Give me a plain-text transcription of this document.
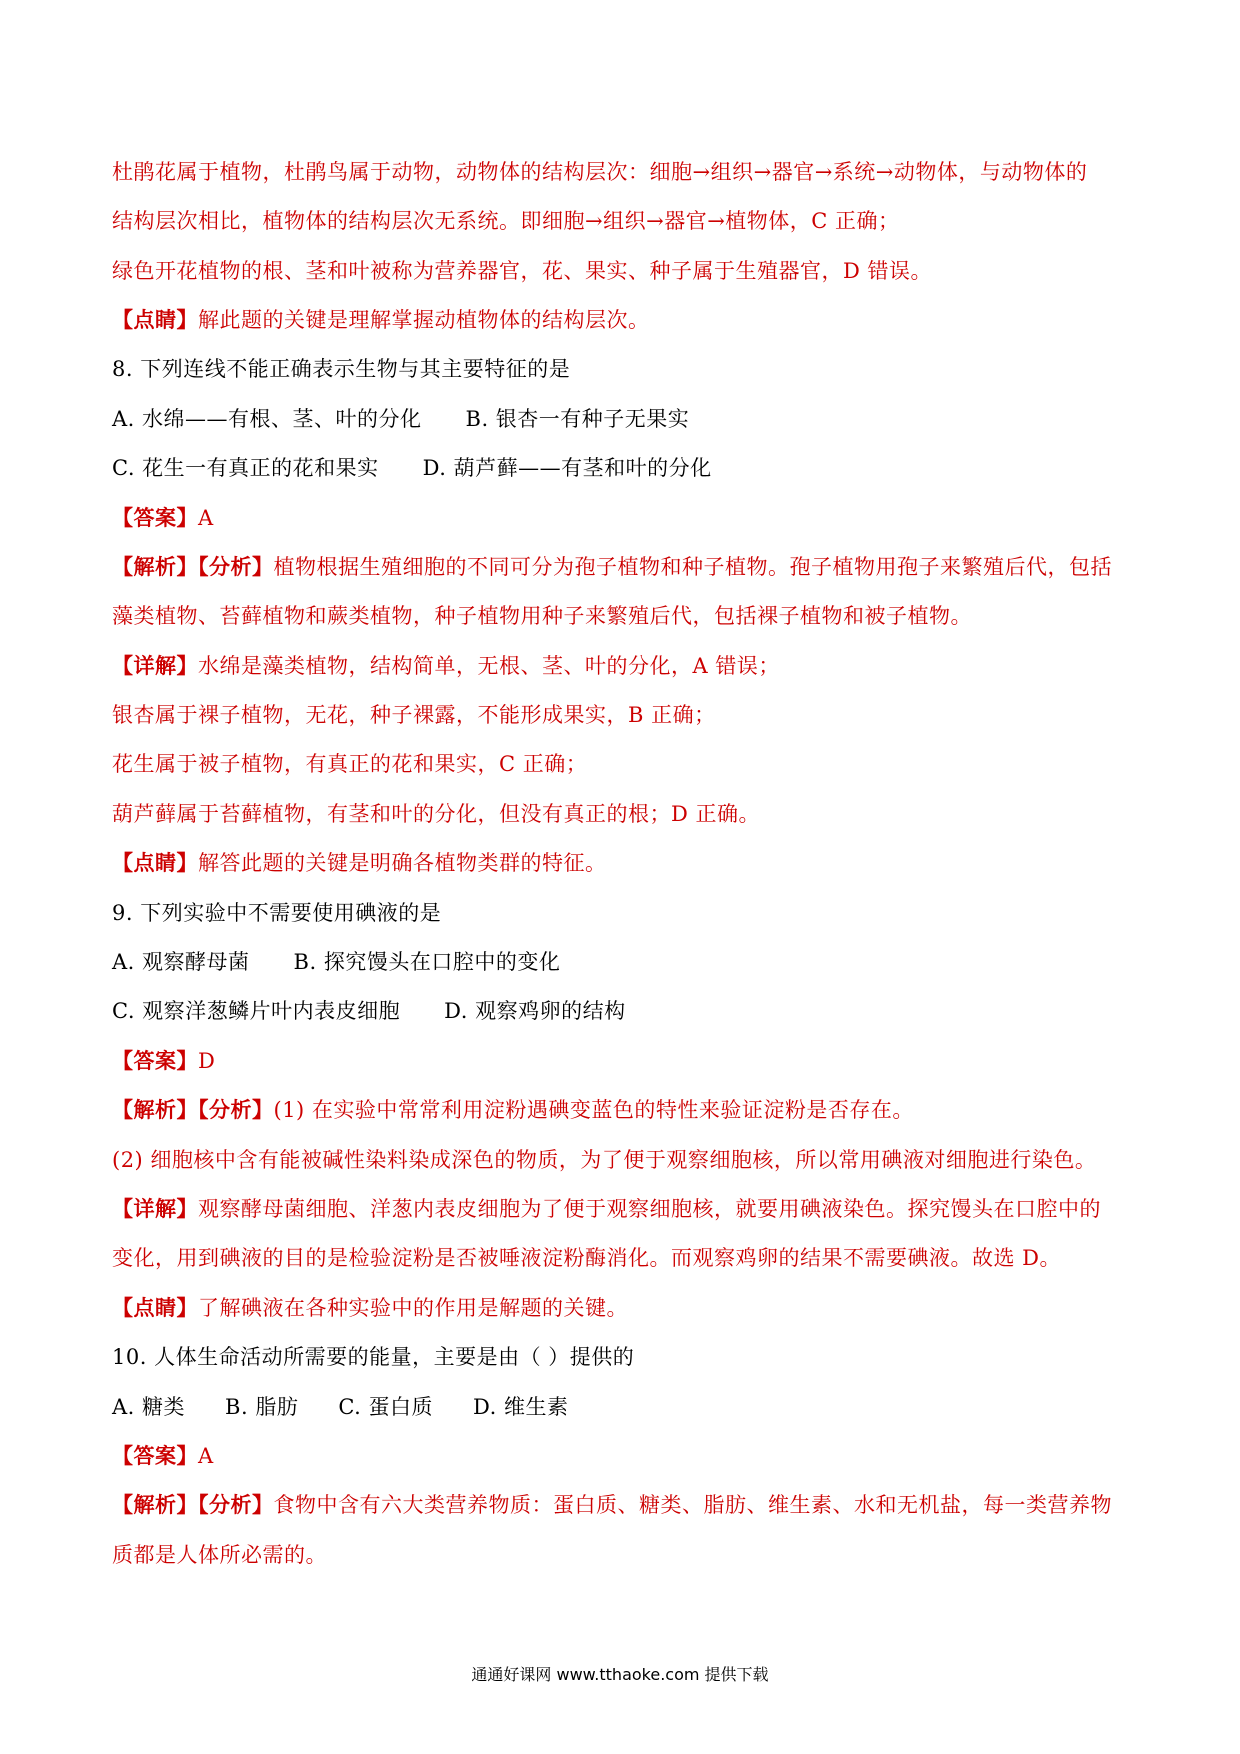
杜鹃花属于植物，杜鹃鸟属于动物，动物体的结构层次：细胞→组织→器官→系统→动物体，与动物体的
结构层次相比，植物体的结构层次无系统。即细胞→组织→器官→植物体，C 正确；
绿色开花植物的根、茎和叶被称为营养器官，花、果实、种子属于生殖器官，D 错误。
【点睛】解此题的关键是理解掌握动植物体的结构层次。
8. 下列连线不能正确表示生物与其主要特征的是
A. 水绵——有根、茎、叶的分化 B. 银杏一有种子无果实
C. 花生一有真正的花和果实 D. 葫芦藓——有茎和叶的分化
【答案】A
【解析】【分析】植物根据生殖细胞的不同可分为孢子植物和种子植物。孢子植物用孢子来繁殖后代，包括
藻类植物、苔藓植物和蕨类植物，种子植物用种子来繁殖后代，包括裸子植物和被子植物。
【详解】水绵是藻类植物，结构简单，无根、茎、叶的分化，A 错误；
银杏属于裸子植物，无花，种子裸露，不能形成果实，B 正确；
花生属于被子植物，有真正的花和果实，C 正确；
葫芦藓属于苔藓植物，有茎和叶的分化，但没有真正的根；D 正确。
【点睛】解答此题的关键是明确各植物类群的特征。
9. 下列实验中不需要使用碘液的是
A. 观察酵母菌 B. 探究馒头在口腔中的变化
C. 观察洋葱鳞片叶内表皮细胞 D. 观察鸡卵的结构
【答案】D
【解析】【分析】(1) 在实验中常常利用淀粉遇碘变蓝色的特性来验证淀粉是否存在。
(2) 细胞核中含有能被碱性染料染成深色的物质，为了便于观察细胞核，所以常用碘液对细胞进行染色。
【详解】观察酵母菌细胞、洋葱内表皮细胞为了便于观察细胞核，就要用碘液染色。探究馒头在口腔中的
变化，用到碘液的目的是检验淀粉是否被唾液淀粉酶消化。而观察鸡卵的结果不需要碘液。故选 D。
【点睛】了解碘液在各种实验中的作用是解题的关键。
10. 人体生命活动所需要的能量，主要是由（ ）提供的
A. 糖类 B. 脂肪 C. 蛋白质 D. 维生素
【答案】A
【解析】【分析】食物中含有六大类营养物质：蛋白质、糖类、脂肪、维生素、水和无机盐，每一类营养物
质都是人体所必需的。
通通好课网 www.tthaoke.com 提供下载
